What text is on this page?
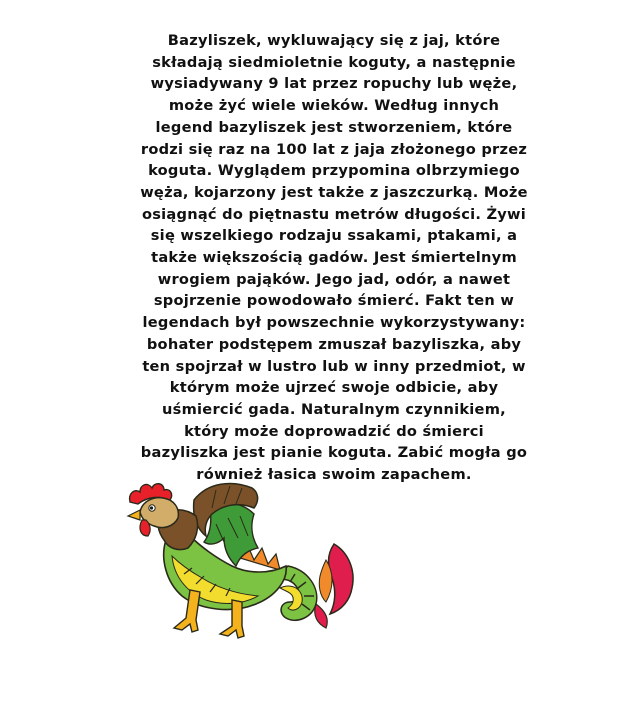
Bazyliszek, wykluwający się z jaj, które składają siedmioletnie koguty, a następnie wysiadywany 9 lat przez ropuchy lub węże, może żyć wiele wieków. Według innych legend bazyliszek jest stworzeniem, które rodzi się raz na 100 lat z jaja złożonego przez koguta. Wyglądem przypomina olbrzymiego węża, kojarzony jest także z jaszczurką. Może osiągnąć do piętnastu metrów długości. Żywi się wszelkiego rodzaju ssakami, ptakami, a także większością gadów. Jest śmiertelnym wrogiem pająków. Jego jad, odór, a nawet spojrzenie powodowało śmierć. Fakt ten w legendach był powszechnie wykorzystywany: bohater podstępem zmuszał bazyliszka, aby ten spojrzał w lustro lub w inny przedmiot, w którym może ujrzeć swoje odbicie, aby uśmiercić gada. Naturalnym czynnikiem, który może doprowadzić do śmierci bazyliszka jest pianie koguta. Zabić mogła go również łasica swoim zapachem.
